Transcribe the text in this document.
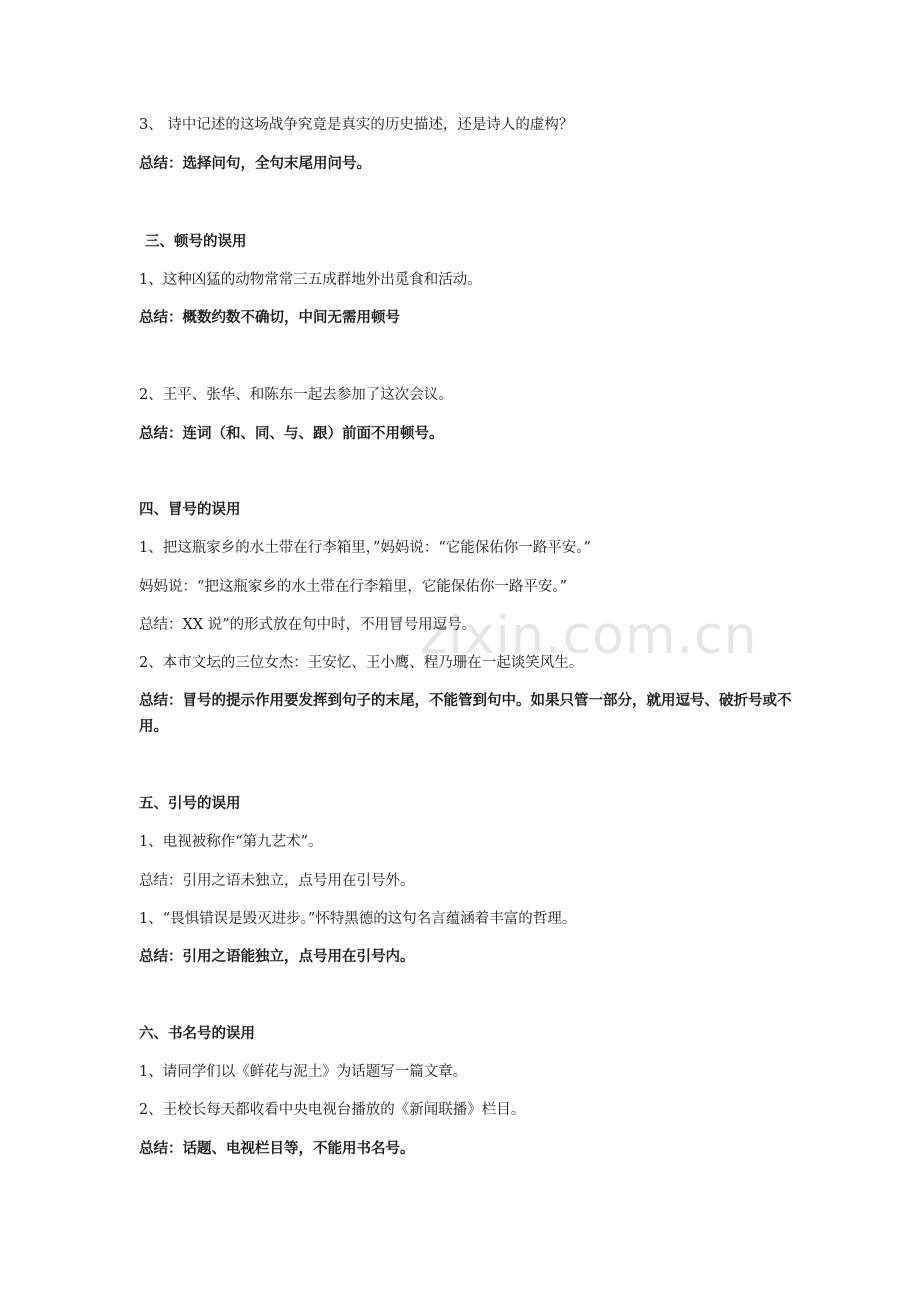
zixin.com.cn
3、 诗中记述的这场战争究竟是真实的历史描述，还是诗人的虚构？
总结：选择问句，全句末尾用问号。
三、顿号的误用
1、这种凶猛的动物常常三五成群地外出觅食和活动。
总结：概数约数不确切，中间无需用顿号
2、王平、张华、和陈东一起去参加了这次会议。
总结：连词（和、同、与、跟）前面不用顿号。
四、冒号的误用
1、把这瓶家乡的水土带在行李箱里，”妈妈说：“它能保佑你一路平安。”
妈妈说：“把这瓶家乡的水土带在行李箱里，它能保佑你一路平安。”
总结：XX 说”的形式放在句中时，不用冒号用逗号。
2、本市文坛的三位女杰：王安忆、王小鹰、程乃珊在一起谈笑风生。
总结：冒号的提示作用要发挥到句子的末尾，不能管到句中。如果只管一部分，就用逗号、破折号或不用。
五、引号的误用
1、电视被称作“第九艺术”。
总结：引用之语未独立，点号用在引号外。
1、“畏惧错误是毁灭进步。”怀特黑德的这句名言蕴涵着丰富的哲理。
总结：引用之语能独立，点号用在引号内。
六、书名号的误用
1、请同学们以《鲜花与泥土》为话题写一篇文章。
2、王校长每天都收看中央电视台播放的《新闻联播》栏目。
总结：话题、电视栏目等，不能用书名号。
